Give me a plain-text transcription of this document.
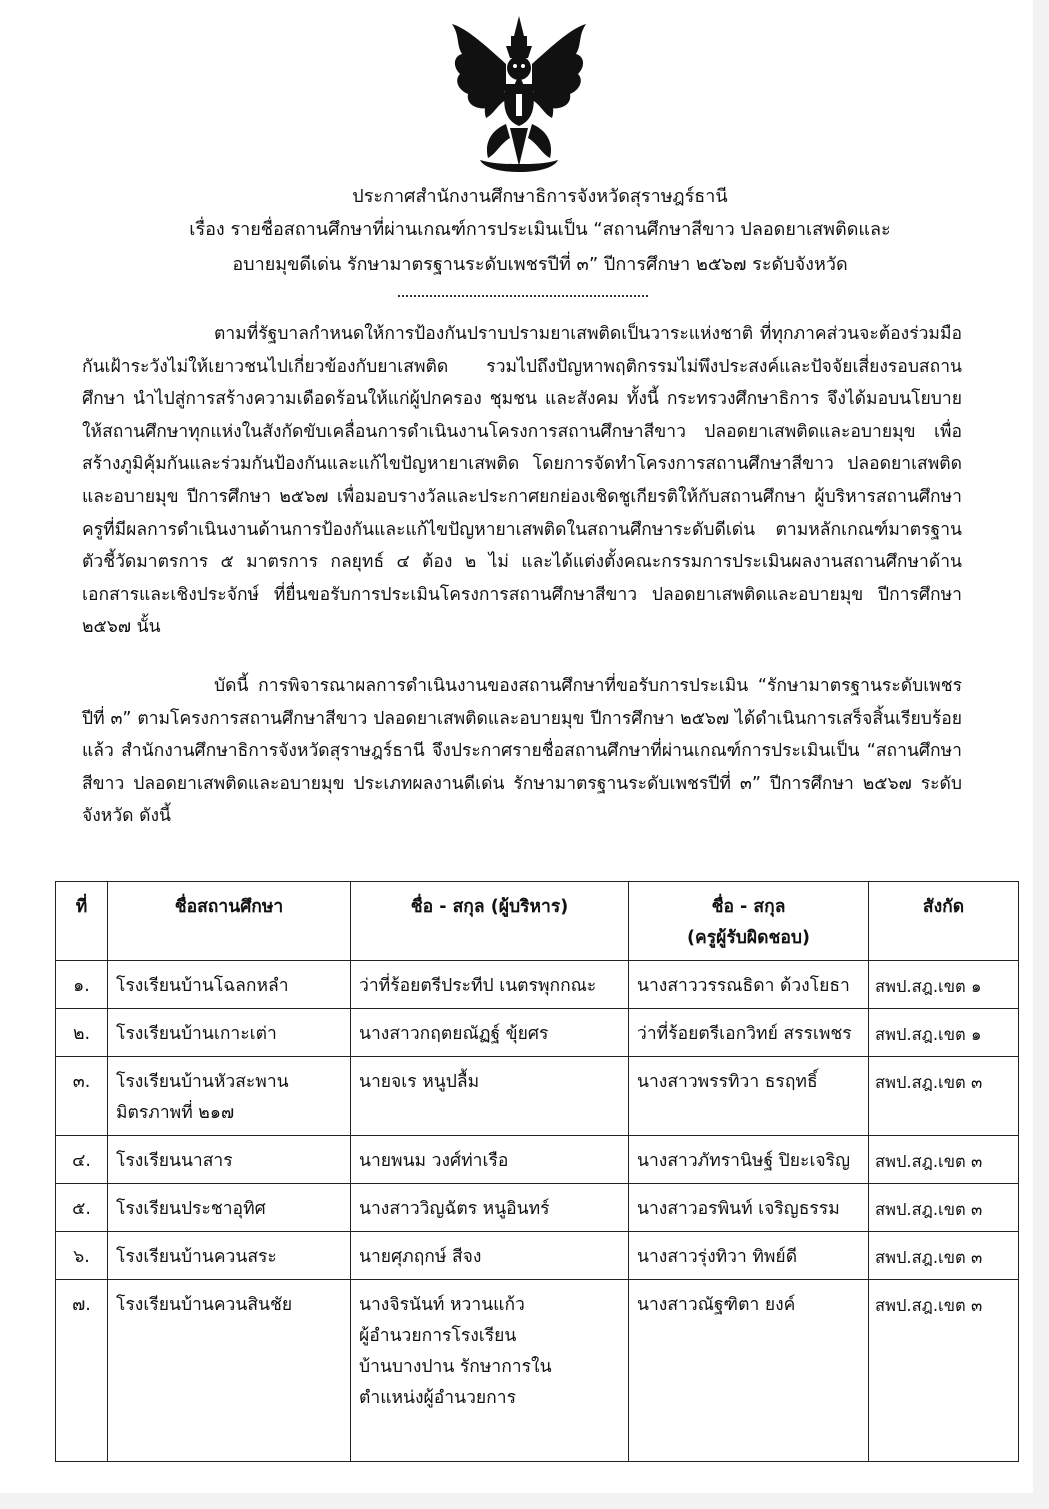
ประกาศสำนักงานศึกษาธิการจังหวัดสุราษฎร์ธานี
เรื่อง รายชื่อสถานศึกษาที่ผ่านเกณฑ์การประเมินเป็น “สถานศึกษาสีขาว ปลอดยาเสพติดและ
อบายมุขดีเด่น รักษามาตรฐานระดับเพชรปีที่ ๓” ปีการศึกษา ๒๕๖๗ ระดับจังหวัด
ตามที่รัฐบาลกำหนดให้การป้องกันปราบปรามยาเสพติดเป็นวาระแห่งชาติ ที่ทุกภาคส่วนจะต้องร่วมมือกันเฝ้าระวังไม่ให้เยาวชนไปเกี่ยวข้องกับยาเสพติด รวมไปถึงปัญหาพฤติกรรมไม่พึงประสงค์และปัจจัยเสี่ยงรอบสถานศึกษา นำไปสู่การสร้างความเดือดร้อนให้แก่ผู้ปกครอง ชุมชน และสังคม ทั้งนี้ กระทรวงศึกษาธิการ จึงได้มอบนโยบายให้สถานศึกษาทุกแห่งในสังกัดขับเคลื่อนการดำเนินงานโครงการสถานศึกษาสีขาว ปลอดยาเสพติดและอบายมุข เพื่อสร้างภูมิคุ้มกันและร่วมกันป้องกันและแก้ไขปัญหายาเสพติด โดยการจัดทำโครงการสถานศึกษาสีขาว ปลอดยาเสพติดและอบายมุข ปีการศึกษา ๒๕๖๗ เพื่อมอบรางวัลและประกาศยกย่องเชิดชูเกียรติให้กับสถานศึกษา ผู้บริหารสถานศึกษา ครูที่มีผลการดำเนินงานด้านการป้องกันและแก้ไขปัญหายาเสพติดในสถานศึกษาระดับดีเด่น ตามหลักเกณฑ์มาตรฐานตัวชี้วัดมาตรการ ๕ มาตรการ กลยุทธ์ ๔ ต้อง ๒ ไม่ และได้แต่งตั้งคณะกรรมการประเมินผลงานสถานศึกษาด้านเอกสารและเชิงประจักษ์ ที่ยื่นขอรับการประเมินโครงการสถานศึกษาสีขาว ปลอดยาเสพติดและอบายมุข ปีการศึกษา ๒๕๖๗ นั้น
บัดนี้ การพิจารณาผลการดำเนินงานของสถานศึกษาที่ขอรับการประเมิน “รักษามาตรฐานระดับเพชรปีที่ ๓” ตามโครงการสถานศึกษาสีขาว ปลอดยาเสพติดและอบายมุข ปีการศึกษา ๒๕๖๗ ได้ดำเนินการเสร็จสิ้นเรียบร้อยแล้ว สำนักงานศึกษาธิการจังหวัดสุราษฎร์ธานี จึงประกาศรายชื่อสถานศึกษาที่ผ่านเกณฑ์การประเมินเป็น “สถานศึกษาสีขาว ปลอดยาเสพติดและอบายมุข ประเภทผลงานดีเด่น รักษามาตรฐานระดับเพชรปีที่ ๓” ปีการศึกษา ๒๕๖๗ ระดับจังหวัด ดังนี้
ที่	ชื่อสถานศึกษา	ชื่อ - สกุล (ผู้บริหาร)	ชื่อ - สกุล
(ครูผู้รับผิดชอบ)	สังกัด
๑.	โรงเรียนบ้านโฉลกหลำ	ว่าที่ร้อยตรีประทีป เนตรพุกกณะ	นางสาววรรณธิดา ด้วงโยธา	สพป.สฎ.เขต ๑
๒.	โรงเรียนบ้านเกาะเต่า	นางสาวกฤตยณัฏฐ์ ขุ้ยศร	ว่าที่ร้อยตรีเอกวิทย์ สรรเพชร	สพป.สฎ.เขต ๑
๓.	โรงเรียนบ้านหัวสะพาน
มิตรภาพที่ ๒๑๗	นายจเร หนูปลื้ม	นางสาวพรรทิวา ธรฤทธิ์	สพป.สฎ.เขต ๓
๔.	โรงเรียนนาสาร	นายพนม วงศ์ท่าเรือ	นางสาวภัทรานิษฐ์ ปิยะเจริญ	สพป.สฎ.เขต ๓
๕.	โรงเรียนประชาอุทิศ	นางสาววิญฉัตร หนูอินทร์	นางสาวอรพินท์ เจริญธรรม	สพป.สฎ.เขต ๓
๖.	โรงเรียนบ้านควนสระ	นายศุภฤกษ์ สีจง	นางสาวรุ่งทิวา ทิพย์ดี	สพป.สฎ.เขต ๓
๗.	โรงเรียนบ้านควนสินชัย	นางจิรนันท์ หวานแก้ว
ผู้อำนวยการโรงเรียน
บ้านบางปาน รักษาการใน
ตำแหน่งผู้อำนวยการ	นางสาวณัฐฑิตา ยงค์	สพป.สฎ.เขต ๓
